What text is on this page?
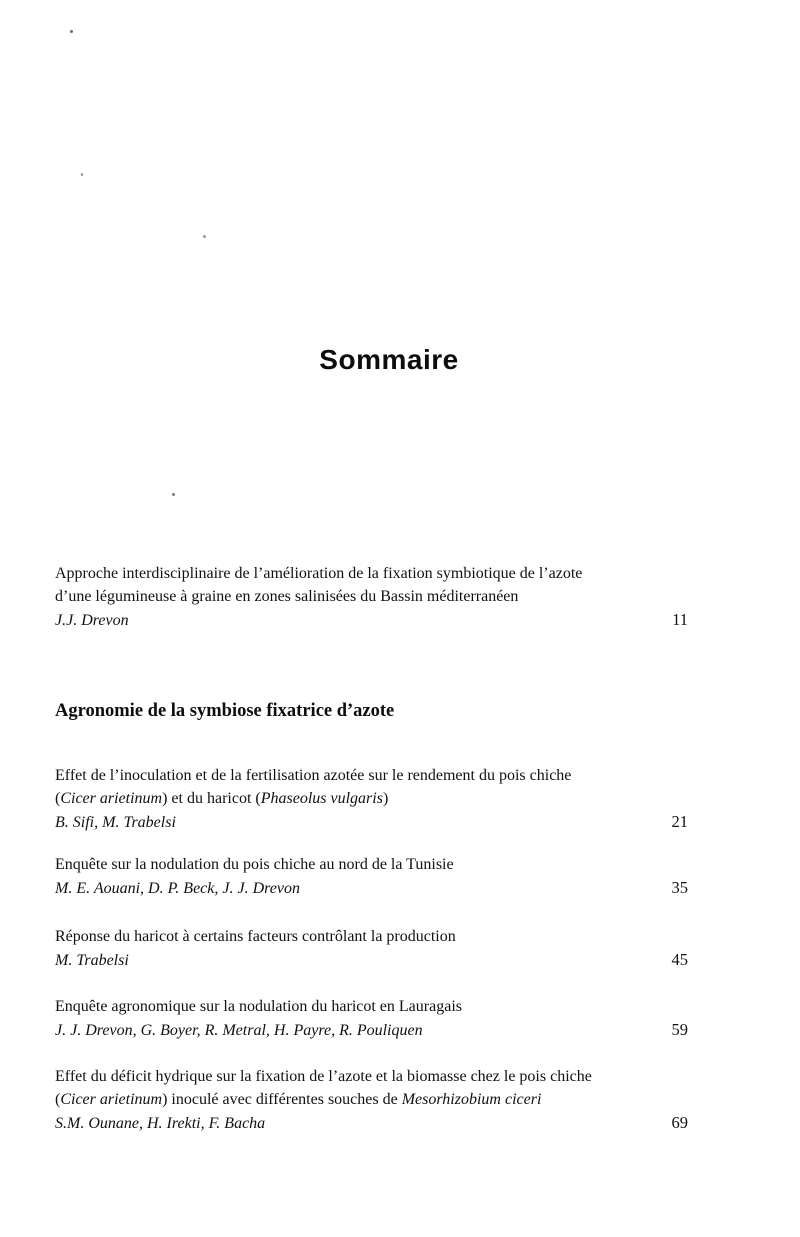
Sommaire
Approche interdisciplinaire de l’amélioration de la fixation symbiotique de l’azote
d’une légumineuse à graine en zones salinisées du Bassin méditerranéen
J.J. Drevon	11
Agronomie de la symbiose fixatrice d’azote
Effet de l’inoculation et de la fertilisation azotée sur le rendement du pois chiche
(Cicer arietinum) et du haricot (Phaseolus vulgaris)
B. Sifi, M. Trabelsi	21
Enquête sur la nodulation du pois chiche au nord de la Tunisie
M. E. Aouani, D. P. Beck, J. J. Drevon	35
Réponse du haricot à certains facteurs contrôlant la production
M. Trabelsi	45
Enquête agronomique sur la nodulation du haricot en Lauragais
J. J. Drevon, G. Boyer, R. Metral, H. Payre, R. Pouliquen	59
Effet du déficit hydrique sur la fixation de l’azote et la biomasse chez le pois chiche
(Cicer arietinum) inoculé avec différentes souches de Mesorhizobium ciceri
S.M. Ounane, H. Irekti, F. Bacha	69
